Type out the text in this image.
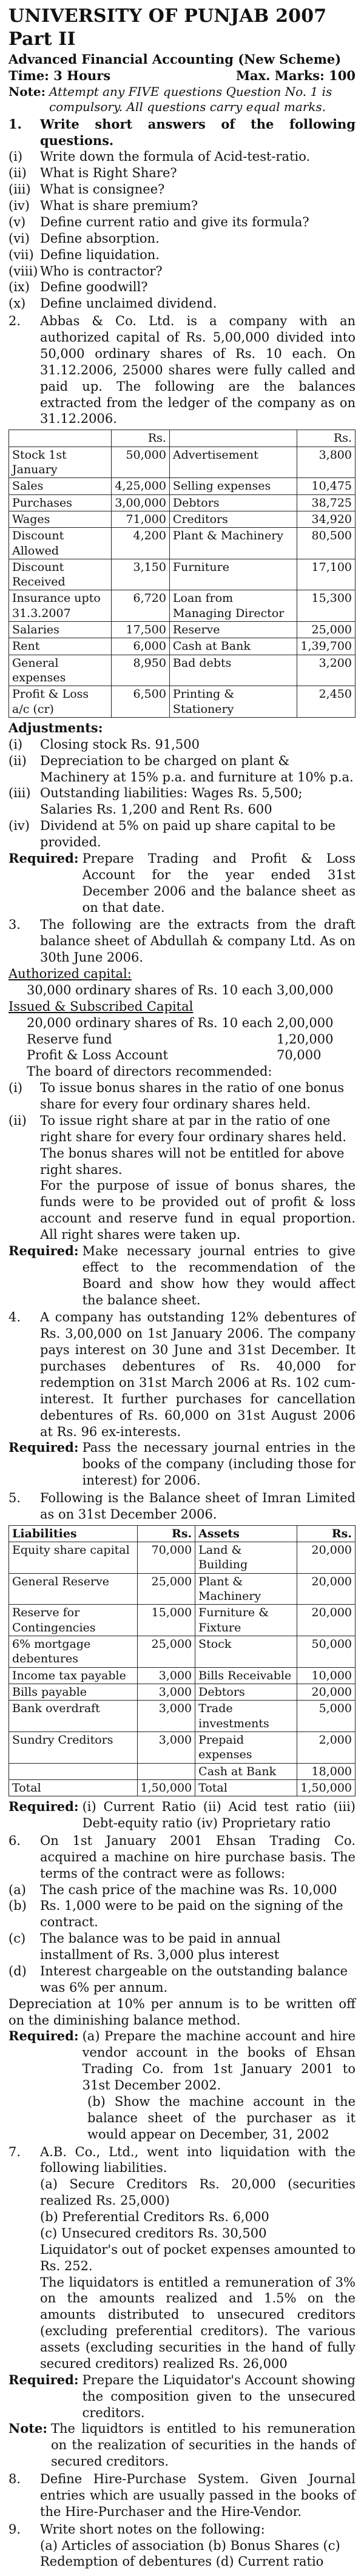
UNIVERSITY OF PUNJAB 2007 Part II
Advanced Financial Accounting (New Scheme)
Time: 3 Hours	Max. Marks: 100
Note: Attempt any FIVE questions Question No. 1 is compulsory. All questions carry equal marks.
1.	Write short answers of the following questions.
(i)	Write down the formula of Acid-test-ratio.
(ii)	What is Right Share?
(iii) What is consignee?
(iv) What is share premium?
(v)	Define current ratio and give its formula?
(vi) Define absorption.
(vii) Define liquidation.
(viii) Who is contractor?
(ix) Define goodwill?
(x)	Define unclaimed dividend.
2.	Abbas & Co. Ltd. is a company with an authorized capital of Rs. 5,00,000 divided into 50,000 ordinary shares of Rs. 10 each. On 31.12.2006, 25000 shares were fully called and paid up. The following are the balances extracted from the ledger of the company as on 31.12.2006.
	Rs.		Rs.
Stock 1st January	50,000	Advertisement	3,800
Sales	4,25,000	Selling expenses	10,475
Purchases	3,00,000	Debtors	38,725
Wages	71,000	Creditors	34,920
Discount Allowed	4,200	Plant & Machinery	80,500
Discount Received	3,150	Furniture	17,100
Insurance upto 31.3.2007	6,720	Loan from Managing Director	15,300
Salaries	17,500	Reserve	25,000
Rent	6,000	Cash at Bank	1,39,700
General expenses	8,950	Bad debts	3,200
Profit & Loss a/c (cr)	6,500	Printing & Stationery	2,450
Adjustments:
(i)	Closing stock Rs. 91,500
(ii)	Depreciation to be charged on plant & Machinery at 15% p.a. and furniture at 10% p.a.
(iii) Outstanding liabilities: Wages Rs. 5,500; Salaries Rs. 1,200 and Rent Rs. 600
(iv) Dividend at 5% on paid up share capital to be provided.
Required: Prepare Trading and Profit & Loss Account for the year ended 31st December 2006 and the balance sheet as on that date.
3.	The following are the extracts from the draft balance sheet of Abdullah & company Ltd. As on 30th June 2006.
Authorized capital:
30,000 ordinary shares of Rs. 10 each 3,00,000
Issued & Subscribed Capital
20,000 ordinary shares of Rs. 10 each 2,00,000
Reserve fund	1,20,000
Profit & Loss Account	70,000
The board of directors recommended:
(i)	To issue bonus shares in the ratio of one bonus share for every four ordinary shares held.
(ii)	To issue right share at par in the ratio of one right share for every four ordinary shares held. The bonus shares will not be entitled for above right shares.
For the purpose of issue of bonus shares, the funds were to be provided out of profit & loss account and reserve fund in equal proportion. All right shares were taken up.
Required: Make necessary journal entries to give effect to the recommendation of the Board and show how they would affect the balance sheet.
4.	A company has outstanding 12% debentures of Rs. 3,00,000 on 1st January 2006. The company pays interest on 30 June and 31st December. It purchases debentures of Rs. 40,000 for redemption on 31st March 2006 at Rs. 102 cum-interest. It further purchases for cancellation debentures of Rs. 60,000 on 31st August 2006 at Rs. 96 ex-interests.
Required: Pass the necessary journal entries in the books of the company (including those for interest) for 2006.
5.	Following is the Balance sheet of Imran Limited as on 31st December 2006.
Liabilities	Rs.	Assets	Rs.
Equity share capital	70,000	Land & Building	20,000
General Reserve	25,000	Plant & Machinery	20,000
Reserve for Contingencies	15,000	Furniture & Fixture	20,000
6% mortgage debentures	25,000	Stock	50,000
Income tax payable	3,000	Bills Receivable	10,000
Bills payable	3,000	Debtors	20,000
Bank overdraft	3,000	Trade investments	5,000
Sundry Creditors	3,000	Prepaid expenses	2,000
		Cash at Bank	18,000
Total	1,50,000	Total	1,50,000
Required: (i) Current Ratio (ii) Acid test ratio (iii) Debt-equity ratio (iv) Proprietary ratio
6.	On 1st January 2001 Ehsan Trading Co. acquired a machine on hire purchase basis. The terms of the contract were as follows:
(a)	The cash price of the machine was Rs. 10,000
(b)	Rs. 1,000 were to be paid on the signing of the contract.
(c)	The balance was to be paid in annual installment of Rs. 3,000 plus interest
(d)	Interest chargeable on the outstanding balance was 6% per annum.
Depreciation at 10% per annum is to be written off on the diminishing balance method.
Required: (a) Prepare the machine account and hire vendor account in the books of Ehsan Trading Co. from 1st January 2001 to 31st December 2002.
(b) Show the machine account in the balance sheet of the purchaser as it would appear on December, 31, 2002
7.	A.B. Co., Ltd., went into liquidation with the following liabilities.
(a) Secure Creditors Rs. 20,000 (securities realized Rs. 25,000)
(b) Preferential Creditors Rs. 6,000
(c) Unsecured creditors Rs. 30,500
Liquidator's out of pocket expenses amounted to Rs. 252.
The liquidators is entitled a remuneration of 3% on the amounts realized and 1.5% on the amounts distributed to unsecured creditors (excluding preferential creditors). The various assets (excluding securities in the hand of fully secured creditors) realized Rs. 26,000
Required: Prepare the Liquidator's Account showing the composition given to the unsecured creditors.
Note: The liquidtors is entitled to his remuneration on the realization of securities in the hands of secured creditors.
8.	Define Hire-Purchase System. Given Journal entries which are usually passed in the books of the Hire-Purchaser and the Hire-Vendor.
9.	Write short notes on the following:
(a) Articles of association (b) Bonus Shares (c)
Redemption of debentures (d) Current ratio
